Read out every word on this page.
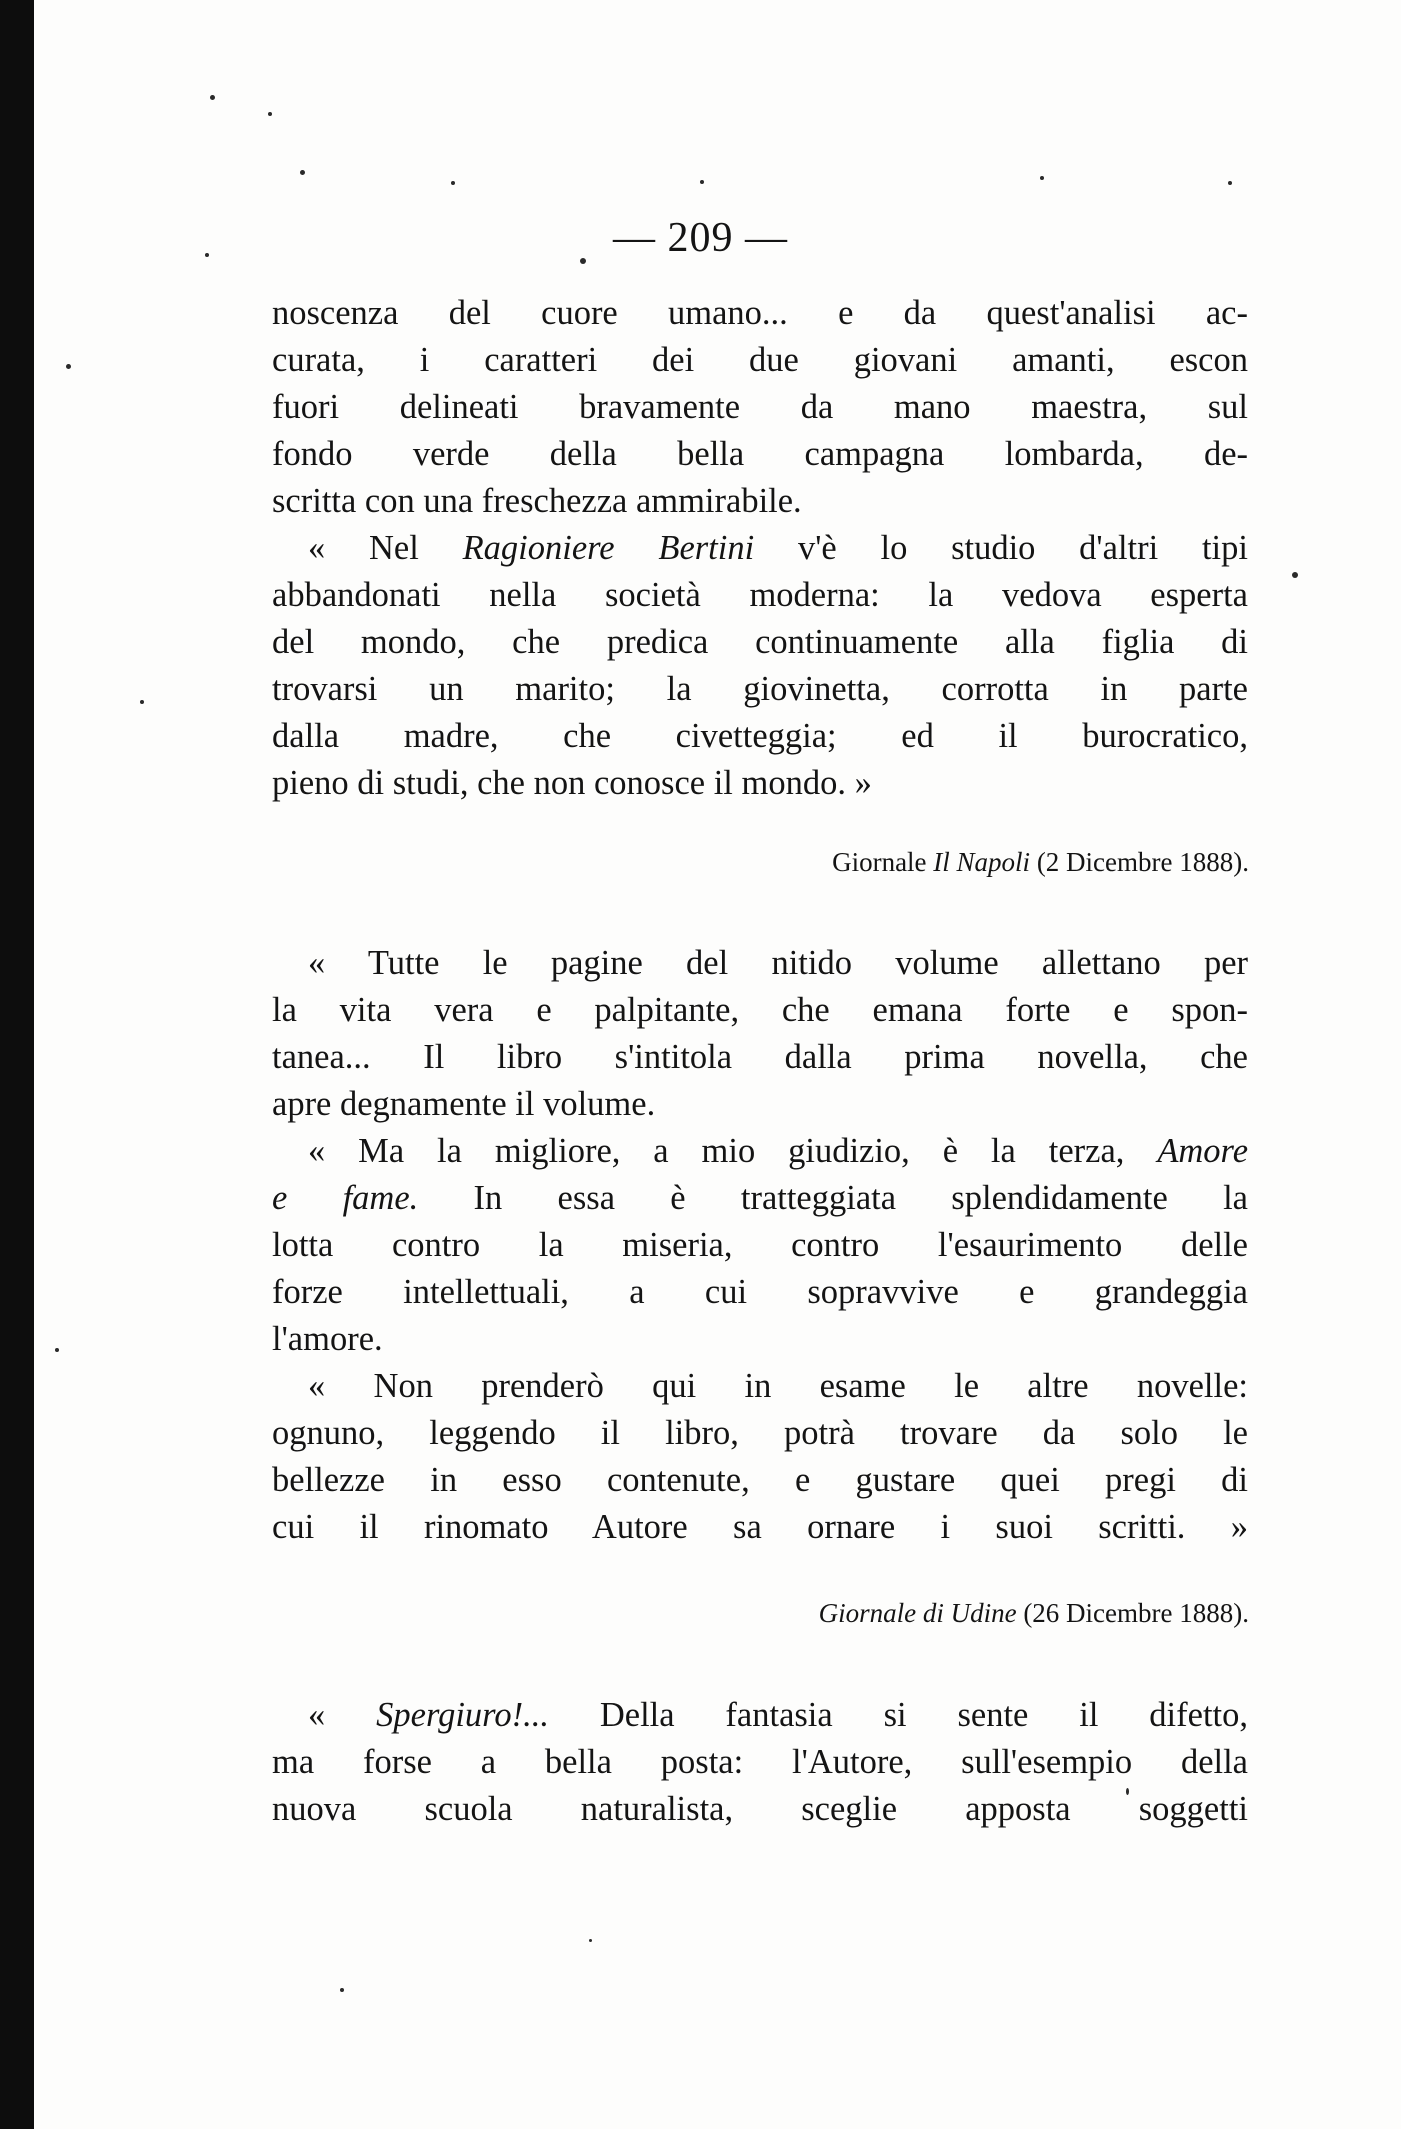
— 209 —
noscenza del cuore umano... e da quest'analisi ac-
curata, i caratteri dei due giovani amanti, escon
fuori delineati bravamente da mano maestra, sul
fondo verde della bella campagna lombarda, de-
scritta con una freschezza ammirabile.
« Nel Ragioniere Bertini v'è lo studio d'altri tipi
abbandonati nella società moderna: la vedova esperta
del mondo, che predica continuamente alla figlia di
trovarsi un marito; la giovinetta, corrotta in parte
dalla madre, che civetteggia; ed il burocratico,
pieno di studi, che non conosce il mondo. »
Giornale Il Napoli (2 Dicembre 1888).
« Tutte le pagine del nitido volume allettano per
la vita vera e palpitante, che emana forte e spon-
tanea... Il libro s'intitola dalla prima novella, che
apre degnamente il volume.
« Ma la migliore, a mio giudizio, è la terza, Amore
e fame. In essa è tratteggiata splendidamente la
lotta contro la miseria, contro l'esaurimento delle
forze intellettuali, a cui sopravvive e grandeggia
l'amore.
« Non prenderò qui in esame le altre novelle:
ognuno, leggendo il libro, potrà trovare da solo le
bellezze in esso contenute, e gustare quei pregi di
cui il rinomato Autore sa ornare i suoi scritti. »
Giornale di Udine (26 Dicembre 1888).
« Spergiuro!... Della fantasia si sente il difetto,
ma forse a bella posta: l'Autore, sull'esempio della
nuova scuola naturalista, sceglie apposta soggetti
